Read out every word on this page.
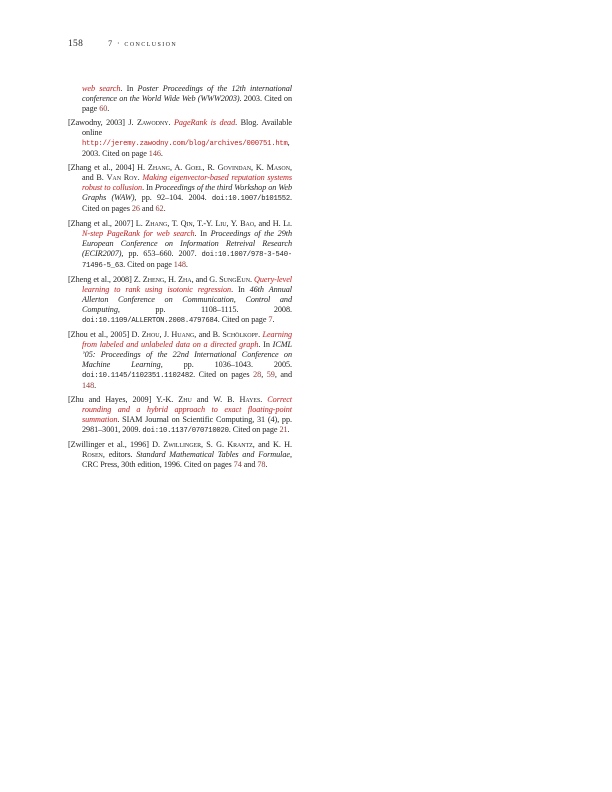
158	7 · conclusion

web search. In Poster Proceedings of the 12th international conference on the World Wide Web (WWW2003). 2003. Cited on page 60.

[Zawodny, 2003] J. Zawodny. PageRank is dead. Blog. Available online http://jeremy.zawodny.com/blog/archives/000751.htm, 2003. Cited on page 146.

[Zhang et al., 2004] H. Zhang, A. Goel, R. Govindan, K. Mason, and B. Van Roy. Making eigenvector-based reputation systems robust to collusion. In Proceedings of the third Workshop on Web Graphs (WAW), pp. 92–104. 2004. doi:10.1007/b101552. Cited on pages 26 and 62.

[Zhang et al., 2007] L. Zhang, T. Qin, T.-Y. Liu, Y. Bao, and H. Li. N-step PageRank for web search. In Proceedings of the 29th European Conference on Information Retreival Research (ECIR2007), pp. 653–660. 2007. doi:10.1007/978-3-540-71496-5_63. Cited on page 148.

[Zheng et al., 2008] Z. Zheng, H. Zha, and G. SungEun. Query-level learning to rank using isotonic regression. In 46th Annual Allerton Conference on Communication, Control and Computing, pp. 1108–1115. 2008. doi:10.1109/ALLERTON.2008.4797684. Cited on page 7.

[Zhou et al., 2005] D. Zhou, J. Huang, and B. Schölkopf. Learning from labeled and unlabeled data on a directed graph. In ICML ’05: Proceedings of the 22nd International Conference on Machine Learning, pp. 1036–1043. 2005. doi:10.1145/1102351.1102482. Cited on pages 28, 59, and 148.

[Zhu and Hayes, 2009] Y.-K. Zhu and W. B. Hayes. Correct rounding and a hybrid approach to exact floating-point summation. SIAM Journal on Scientific Computing, 31 (4), pp. 2981–3001, 2009. doi:10.1137/070710020. Cited on page 21.

[Zwillinger et al., 1996] D. Zwillinger, S. G. Krantz, and K. H. Rosen, editors. Standard Mathematical Tables and Formulae, CRC Press, 30th edition, 1996. Cited on pages 74 and 78.
